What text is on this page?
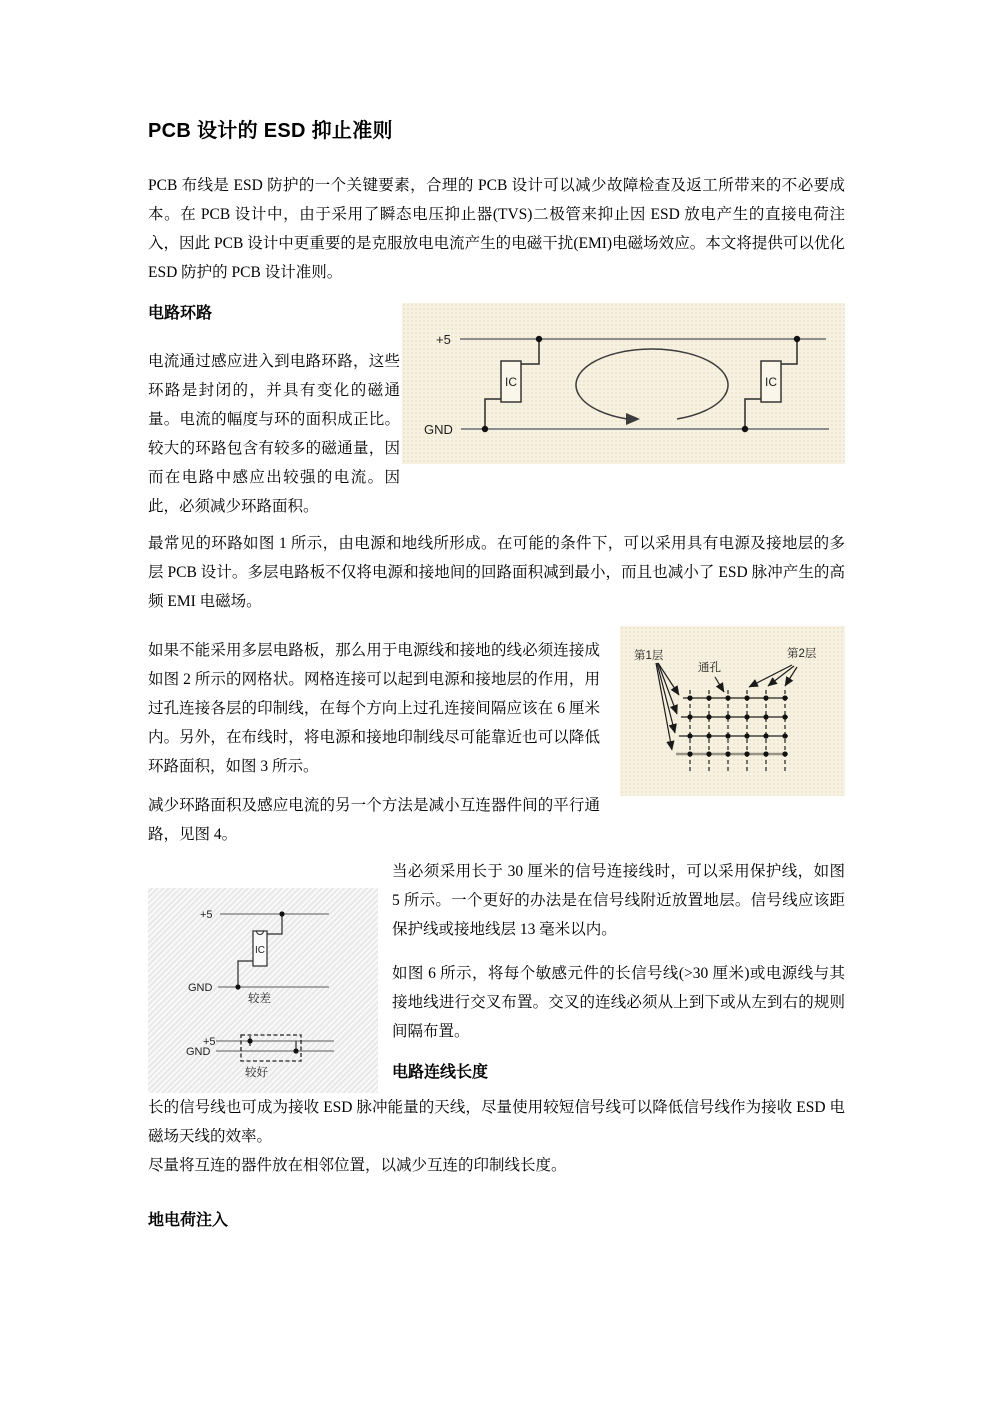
PCB 设计的 ESD 抑止准则

PCB 布线是 ESD 防护的一个关键要素，合理的 PCB 设计可以减少故障检查及返工所带来的不必要成本。在 PCB 设计中，由于采用了瞬态电压抑止器(TVS)二极管来抑止因 ESD 放电产生的直接电荷注入，因此 PCB 设计中更重要的是克服放电电流产生的电磁干扰(EMI)电磁场效应。本文将提供可以优化 ESD 防护的 PCB 设计准则。

电路环路

电流通过感应进入到电路环路，这些环路是封闭的，并具有变化的磁通量。电流的幅度与环的面积成正比。较大的环路包含有较多的磁通量，因而在电路中感应出较强的电流。因此，必须减少环路面积。

+5
GND
IC	IC

最常见的环路如图 1 所示，由电源和地线所形成。在可能的条件下，可以采用具有电源及接地层的多层 PCB 设计。多层电路板不仅将电源和接地间的回路面积减到最小，而且也减小了 ESD 脉冲产生的高频 EMI 电磁场。

如果不能采用多层电路板，那么用于电源线和接地的线必须连接成如图 2 所示的网格状。网格连接可以起到电源和接地层的作用，用过孔连接各层的印制线，在每个方向上过孔连接间隔应该在 6 厘米内。另外，在布线时，将电源和接地印制线尽可能靠近也可以降低环路面积，如图 3 所示。

减少环路面积及感应电流的另一个方法是减小互连器件间的平行通路，见图 4。

第1层
通孔
第2层
+5
GND
IC
较差
+5
GND
较好

当必须采用长于 30 厘米的信号连接线时，可以采用保护线，如图 5 所示。一个更好的办法是在信号线附近放置地层。信号线应该距保护线或接地线层 13 毫米以内。

如图 6 所示，将每个敏感元件的长信号线(>30 厘米)或电源线与其接地线进行交叉布置。交叉的连线必须从上到下或从左到右的规则间隔布置。

电路连线长度

长的信号线也可成为接收 ESD 脉冲能量的天线，尽量使用较短信号线可以降低信号线作为接收 ESD 电磁场天线的效率。

尽量将互连的器件放在相邻位置，以减少互连的印制线长度。

地电荷注入
